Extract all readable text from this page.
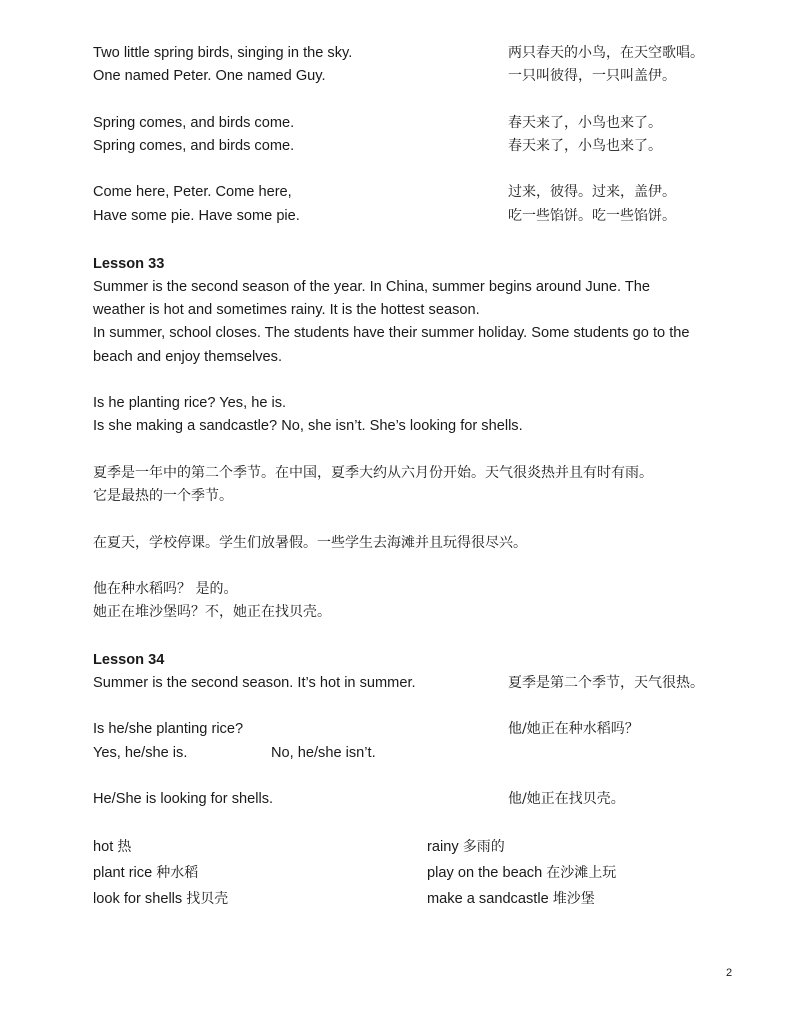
Two little spring birds, singing in the sky.	两只春天的小鸟，在天空歌唱。
One named Peter. One named Guy.	一只叫彼得，一只叫盖伊。
Spring comes, and birds come.	春天来了，小鸟也来了。
Spring comes, and birds come.	春天来了，小鸟也来了。
Come here, Peter. Come here,	过来，彼得。过来，盖伊。
Have some pie. Have some pie.	吃一些馅饼。吃一些馅饼。
Lesson 33
Summer is the second season of the year. In China, summer begins around June. The
weather is hot and sometimes rainy. It is the hottest season.
In summer, school closes. The students have their summer holiday. Some students go to the
beach and enjoy themselves.
Is he planting rice? Yes, he is.
Is she making a sandcastle? No, she isn’t. She’s looking for shells.
夏季是一年中的第二个季节。在中国，夏季大约从六月份开始。天气很炎热并且有时有雨。
它是最热的一个季节。
在夏天，学校停课。学生们放暑假。一些学生去海滩并且玩得很尽兴。
他在种水稻吗？ 是的。
她正在堆沙堡吗？不，她正在找贝壳。
Lesson 34
Summer is the second season. It’s hot in summer.	夏季是第二个季节，天气很热。
Is he/she planting rice?	他/她正在种水稻吗？
Yes, he/she is.	No, he/she isn’t.
He/She is looking for shells.	他/她正在找贝壳。
hot 热	rainy 多雨的
plant rice 种水稻	play on the beach 在沙滩上玩
look for shells 找贝壳	make a sandcastle 堆沙堡
2
